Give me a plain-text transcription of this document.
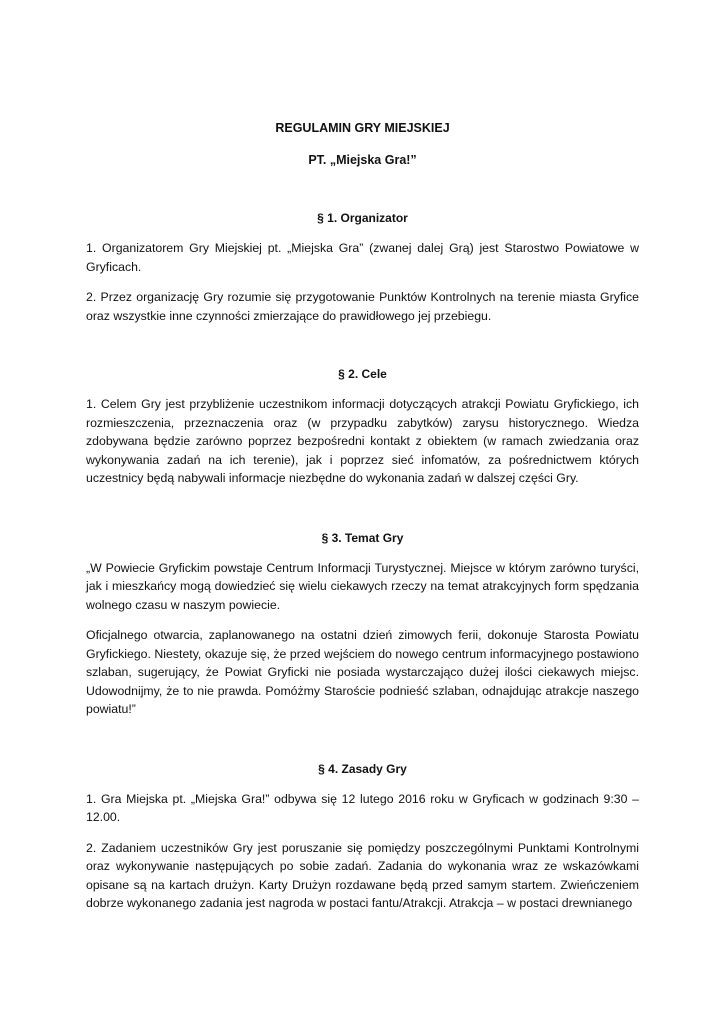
REGULAMIN GRY MIEJSKIEJ
PT. „Miejska Gra!”
§ 1. Organizator

1. Organizatorem Gry Miejskiej pt. „Miejska Gra” (zwanej dalej Grą) jest Starostwo Powiatowe w Gryficach.

2. Przez organizację Gry rozumie się przygotowanie Punktów Kontrolnych na terenie miasta Gryfice oraz wszystkie inne czynności zmierzające do prawidłowego jej przebiegu.

§ 2. Cele

1. Celem Gry jest przybliżenie uczestnikom informacji dotyczących atrakcji Powiatu Gryfickiego, ich rozmieszczenia, przeznaczenia oraz (w przypadku zabytków) zarysu historycznego. Wiedza zdobywana będzie zarówno poprzez bezpośredni kontakt z obiektem (w ramach zwiedzania oraz wykonywania zadań na ich terenie), jak i poprzez sieć infomatów, za pośrednictwem których uczestnicy będą nabywali informacje niezbędne do wykonania zadań w dalszej części Gry.

§ 3. Temat Gry

„W Powiecie Gryfickim powstaje Centrum Informacji Turystycznej. Miejsce w którym zarówno turyści, jak i mieszkańcy mogą dowiedzieć się wielu ciekawych rzeczy na temat atrakcyjnych form spędzania wolnego czasu w naszym powiecie.

Oficjalnego otwarcia, zaplanowanego na ostatni dzień zimowych ferii, dokonuje Starosta Powiatu Gryfickiego. Niestety, okazuje się, że przed wejściem do nowego centrum informacyjnego postawiono szlaban, sugerujący, że Powiat Gryficki nie posiada wystarczająco dużej ilości ciekawych miejsc. Udowodnijmy, że to nie prawda. Pomóżmy Staroście podnieść szlaban, odnajdując atrakcje naszego powiatu!”

§ 4. Zasady Gry

1. Gra Miejska pt. „Miejska Gra!” odbywa się 12 lutego 2016 roku w Gryficach w godzinach 9:30 – 12.00.

2. Zadaniem uczestników Gry jest poruszanie się pomiędzy poszczególnymi Punktami Kontrolnymi oraz wykonywanie następujących po sobie zadań. Zadania do wykonania wraz ze wskazówkami opisane są na kartach drużyn. Karty Drużyn rozdawane będą przed samym startem. Zwieńczeniem dobrze wykonanego zadania jest nagroda w postaci fantu/Atrakcji. Atrakcja – w postaci drewnianego
